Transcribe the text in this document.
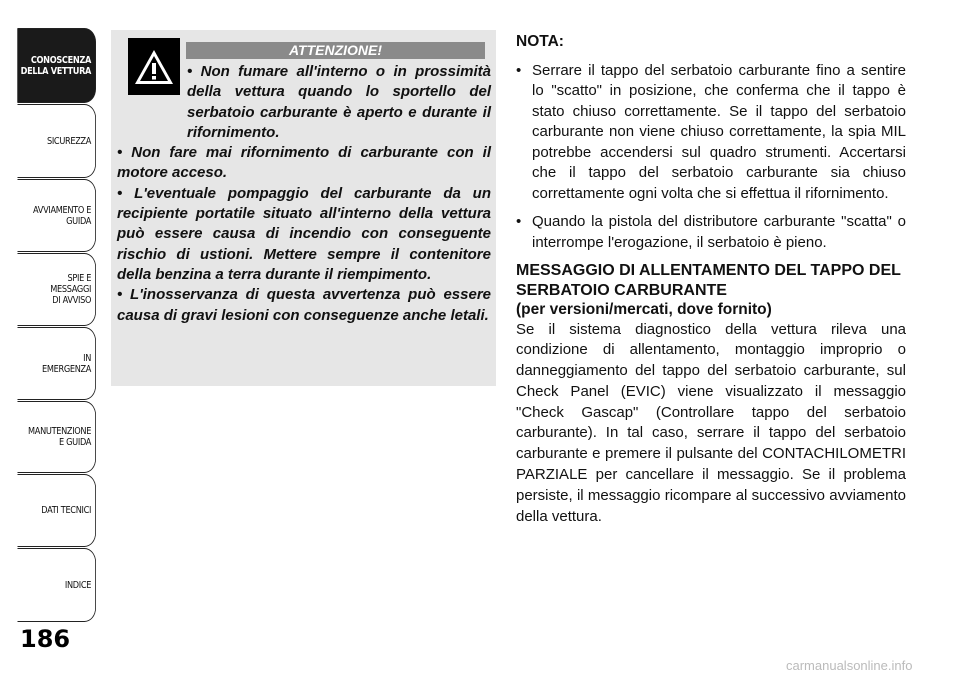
CONOSCENZA
DELLA VETTURA
SICUREZZA
AVVIAMENTO E
GUIDA
SPIE E
MESSAGGI
DI AVVISO
IN
EMERGENZA
MANUTENZIONE
E GUIDA
DATI TECNICI
INDICE
186
ATTENZIONE!

• Non fumare all'interno o in prossimità della vettura quando lo sportello del serbatoio carburante è aperto e durante il rifornimento.

• Non fare mai rifornimento di carburante con il motore acceso.

• L'eventuale pompaggio del carburante da un recipiente portatile situato all'interno della vettura può essere causa di incendio con conseguente rischio di ustioni. Mettere sempre il contenitore della benzina a terra durante il riempimento.

• L'inosservanza di questa avvertenza può essere causa di gravi lesioni con conseguenze anche letali.

NOTA:
• Serrare il tappo del serbatoio carburante fino a sentire lo "scatto" in posizione, che conferma che il tappo è stato chiuso correttamente. Se il tappo del serbatoio carburante non viene chiuso correttamente, la spia MIL potrebbe accendersi sul quadro strumenti. Accertarsi che il tappo del serbatoio carburante sia chiuso correttamente ogni volta che si effettua il rifornimento.
• Quando la pistola del distributore carburante "scatta" o interrompe l'erogazione, il serbatoio è pieno.
MESSAGGIO DI ALLENTAMENTO DEL TAPPO DEL SERBATOIO CARBURANTE

(per versioni/mercati, dove fornito)

Se il sistema diagnostico della vettura rileva una condizione di allentamento, montaggio improprio o danneggiamento del tappo del serbatoio carburante, sul Check Panel (EVIC) viene visualizzato il messaggio "Check Gascap" (Controllare tappo del serbatoio carburante). In tal caso, serrare il tappo del serbatoio carburante e premere il pulsante del CONTACHILOMETRI PARZIALE per cancellare il messaggio. Se il problema persiste, il messaggio ricompare al successivo avviamento della vettura.

carmanualsonline.info
